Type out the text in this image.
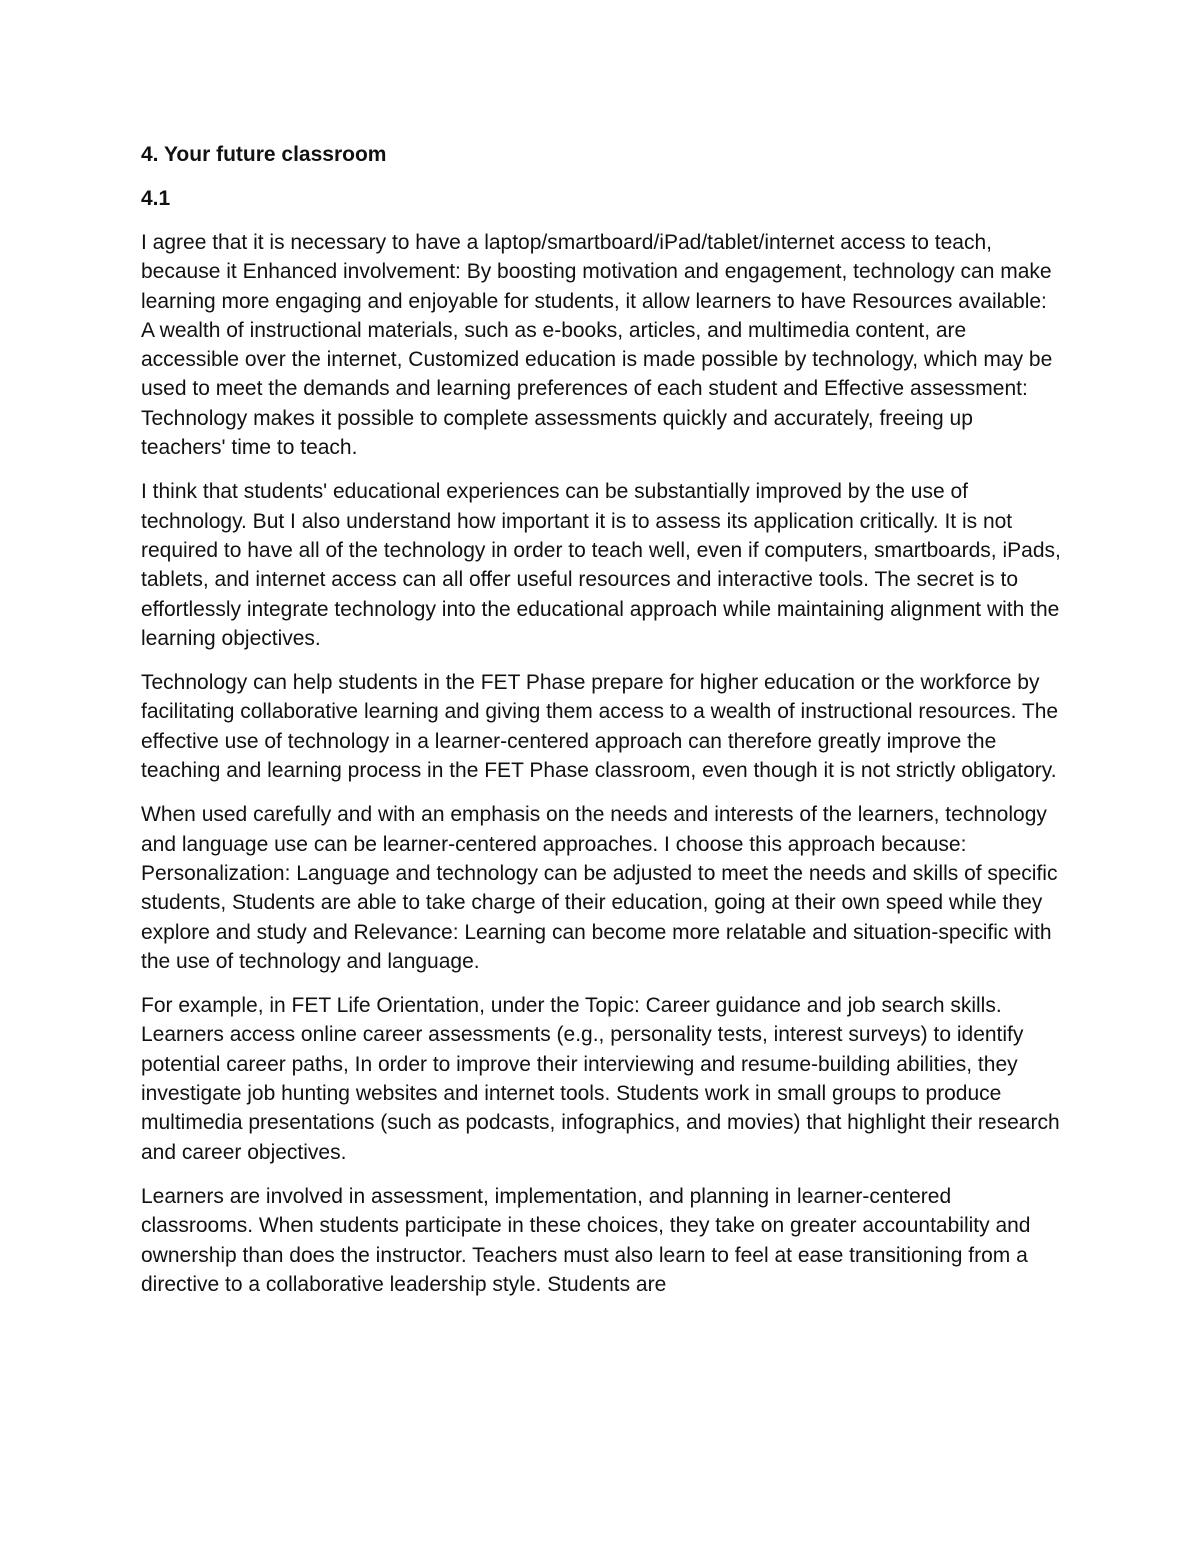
4. Your future classroom
4.1

I agree that it is necessary to have a laptop/smartboard/iPad/tablet/internet access to teach, because it Enhanced involvement: By boosting motivation and engagement, technology can make learning more engaging and enjoyable for students, it allow learners to have Resources available: A wealth of instructional materials, such as e-books, articles, and multimedia content, are accessible over the internet, Customized education is made possible by technology, which may be used to meet the demands and learning preferences of each student and Effective assessment: Technology makes it possible to complete assessments quickly and accurately, freeing up teachers' time to teach.

I think that students' educational experiences can be substantially improved by the use of technology. But I also understand how important it is to assess its application critically. It is not required to have all of the technology in order to teach well, even if computers, smartboards, iPads, tablets, and internet access can all offer useful resources and interactive tools. The secret is to effortlessly integrate technology into the educational approach while maintaining alignment with the learning objectives.

Technology can help students in the FET Phase prepare for higher education or the workforce by facilitating collaborative learning and giving them access to a wealth of instructional resources. The effective use of technology in a learner-centered approach can therefore greatly improve the teaching and learning process in the FET Phase classroom, even though it is not strictly obligatory.

When used carefully and with an emphasis on the needs and interests of the learners, technology and language use can be learner-centered approaches. I choose this approach because: Personalization: Language and technology can be adjusted to meet the needs and skills of specific students, Students are able to take charge of their education, going at their own speed while they explore and study and Relevance: Learning can become more relatable and situation-specific with the use of technology and language.

For example, in FET Life Orientation, under the Topic: Career guidance and job search skills. Learners access online career assessments (e.g., personality tests, interest surveys) to identify potential career paths, In order to improve their interviewing and resume-building abilities, they investigate job hunting websites and internet tools. Students work in small groups to produce multimedia presentations (such as podcasts, infographics, and movies) that highlight their research and career objectives.

Learners are involved in assessment, implementation, and planning in learner-centered classrooms. When students participate in these choices, they take on greater accountability and ownership than does the instructor. Teachers must also learn to feel at ease transitioning from a directive to a collaborative leadership style. Students are
